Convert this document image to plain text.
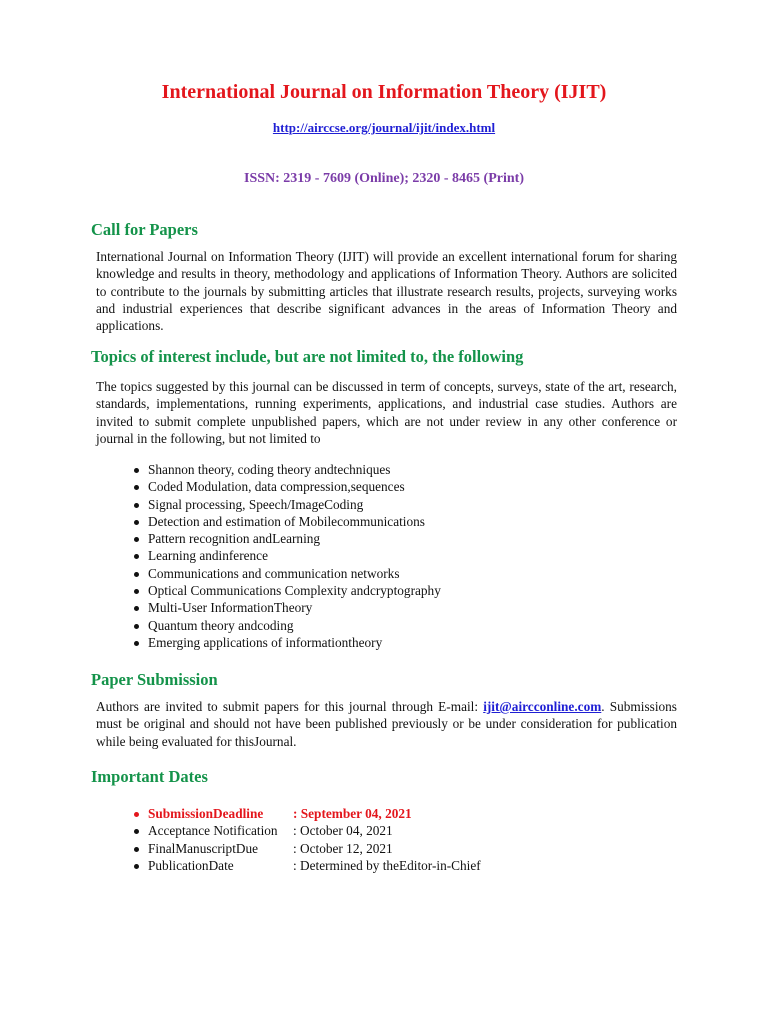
International Journal on Information Theory (IJIT)
http://airccse.org/journal/ijit/index.html
ISSN: 2319 - 7609 (Online); 2320 - 8465 (Print)
Call for Papers

International Journal on Information Theory (IJIT) will provide an excellent international forum for sharing knowledge and results in theory, methodology and applications of Information Theory. Authors are solicited to contribute to the journals by submitting articles that illustrate research results, projects, surveying works and industrial experiences that describe significant advances in the areas of Information Theory and applications.

Topics of interest include, but are not limited to, the following

The topics suggested by this journal can be discussed in term of concepts, surveys, state of the art, research, standards, implementations, running experiments, applications, and industrial case studies. Authors are invited to submit complete unpublished papers, which are not under review in any other conference or journal in the following, but not limited to

Shannon theory, coding theory andtechniques
Coded Modulation, data compression,sequences
Signal processing, Speech/ImageCoding
Detection and estimation of Mobilecommunications
Pattern recognition andLearning
Learning andinference
Communications and communication networks
Optical Communications Complexity andcryptography
Multi-User InformationTheory
Quantum theory andcoding
Emerging applications of informationtheory
Paper Submission

Authors are invited to submit papers for this journal through E-mail: ijit@aircconline.com. Submissions must be original and should not have been published previously or be under consideration for publication while being evaluated for thisJournal.

Important Dates
SubmissionDeadline : September 04, 2021
Acceptance Notification : October 04, 2021
FinalManuscriptDue	: October 12, 2021
PublicationDate	: Determined by theEditor-in-Chief
